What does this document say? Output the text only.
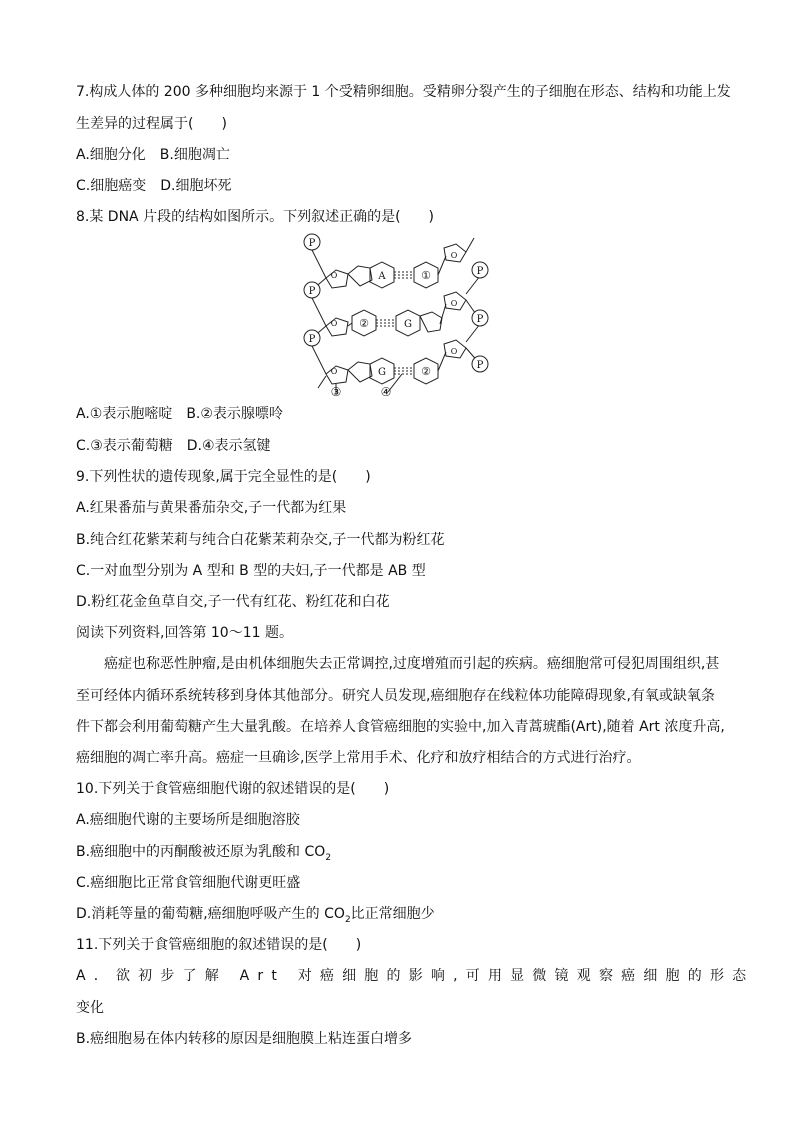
7.构成人体的 200 多种细胞均来源于 1 个受精卵细胞。受精卵分裂产生的子细胞在形态、结构和功能上发
生差异的过程属于(　　)
A.细胞分化　B.细胞凋亡
C.细胞癌变　D.细胞坏死
8.某 DNA 片段的结构如图所示。下列叙述正确的是(　　)
P
P
P
P
P
P
O
O
O
O
O
O
A
G
G
①
②
②
③	④
A.①表示胞嘧啶　B.②表示腺嘌呤
C.③表示葡萄糖　D.④表示氢键
9.下列性状的遗传现象,属于完全显性的是(　　)
A.红果番茄与黄果番茄杂交,子一代都为红果
B.纯合红花紫茉莉与纯合白花紫茉莉杂交,子一代都为粉红花
C.一对血型分别为 A 型和 B 型的夫妇,子一代都是 AB 型
D.粉红花金鱼草自交,子一代有红花、粉红花和白花
阅读下列资料,回答第 10～11 题。
癌症也称恶性肿瘤,是由机体细胞失去正常调控,过度增殖而引起的疾病。癌细胞常可侵犯周围组织,甚
至可经体内循环系统转移到身体其他部分。研究人员发现,癌细胞存在线粒体功能障碍现象,有氧或缺氧条
件下都会利用葡萄糖产生大量乳酸。在培养人食管癌细胞的实验中,加入青蒿琥酯(Art),随着 Art 浓度升高,
癌细胞的凋亡率升高。癌症一旦确诊,医学上常用手术、化疗和放疗相结合的方式进行治疗。
10.下列关于食管癌细胞代谢的叙述错误的是(　　)
A.癌细胞代谢的主要场所是细胞溶胶
B.癌细胞中的丙酮酸被还原为乳酸和 $CO_2$
C.癌细胞比正常食管细胞代谢更旺盛
D.消耗等量的葡萄糖,癌细胞呼吸产生的 $CO_2$比正常细胞少
11.下列关于食管癌细胞的叙述错误的是(　　)
A．欲初步了解 Art 对癌细胞的影响,可用显微镜观察癌细胞的形态
变化
B.癌细胞易在体内转移的原因是细胞膜上粘连蛋白增多
